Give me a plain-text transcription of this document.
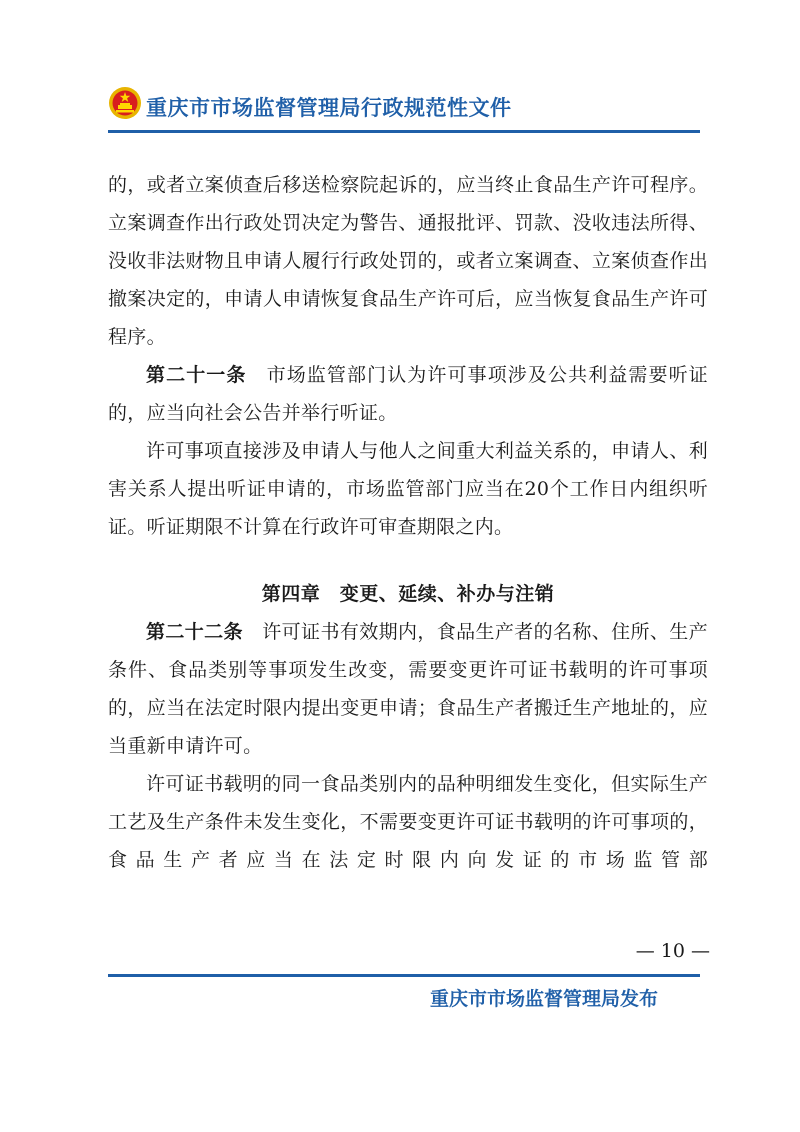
重庆市市场监督管理局行政规范性文件

的，或者立案侦查后移送检察院起诉的，应当终止食品生产许可程序。立案调查作出行政处罚决定为警告、通报批评、罚款、没收违法所得、没收非法财物且申请人履行行政处罚的，或者立案调查、立案侦查作出撤案决定的，申请人申请恢复食品生产许可后，应当恢复食品生产许可程序。

第二十一条　 市场监管部门认为许可事项涉及公共利益需要听证的，应当向社会公告并举行听证。

许可事项直接涉及申请人与他人之间重大利益关系的，申请人、利害关系人提出听证申请的，市场监管部门应当在20个工作日内组织听证。听证期限不计算在行政许可审查期限之内。

第四章　变更、延续、补办与注销

第二十二条　 许可证书有效期内，食品生产者的名称、住所、生产条件、食品类别等事项发生改变，需要变更许可证书载明的许可事项的，应当在法定时限内提出变更申请；食品生产者搬迁生产地址的，应当重新申请许可。

许可证书载明的同一食品类别内的品种明细发生变化，但实际生产工艺及生产条件未发生变化，不需要变更许可证书载明的许可事项的，食品生产者应当在法定时限内向发证的市场监管部

— 10 —
重庆市市场监督管理局发布
